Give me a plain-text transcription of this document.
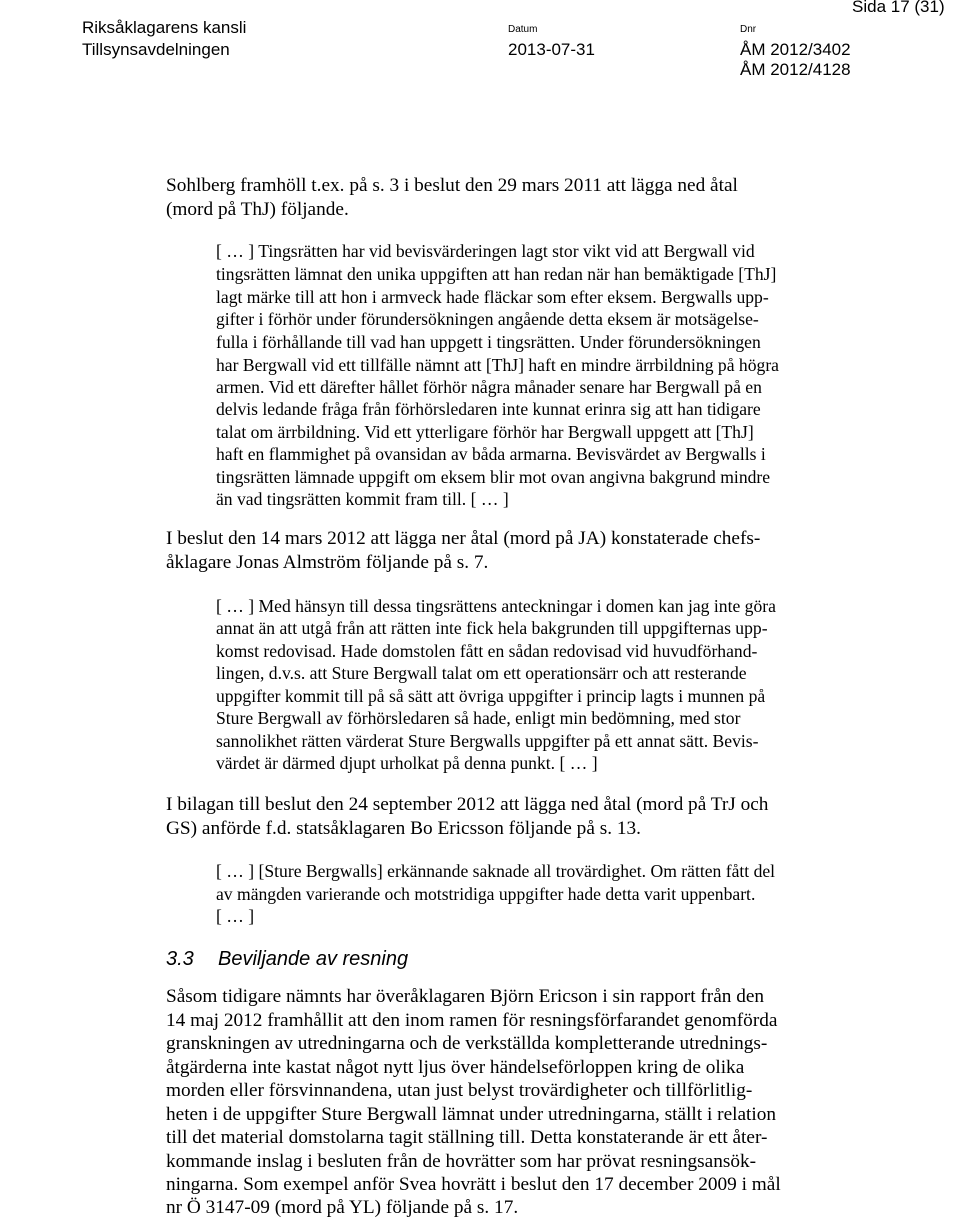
Sida 17 (31)
Riksåklagarens kansli
Tillsynsavdelningen
Datum
2013-07-31
Dnr
ÅM 2012/3402
ÅM 2012/4128
Sohlberg framhöll t.ex. på s. 3 i beslut den 29 mars 2011 att lägga ned åtal
(mord på ThJ) följande.
[ … ] Tingsrätten har vid bevisvärderingen lagt stor vikt vid att Bergwall vid
tingsrätten lämnat den unika uppgiften att han redan när han bemäktigade [ThJ]
lagt märke till att hon i armveck hade fläckar som efter eksem. Bergwalls upp-
gifter i förhör under förundersökningen angående detta eksem är motsägelse-
fulla i förhållande till vad han uppgett i tingsrätten. Under förundersökningen
har Bergwall vid ett tillfälle nämnt att [ThJ] haft en mindre ärrbildning på högra
armen. Vid ett därefter hållet förhör några månader senare har Bergwall på en
delvis ledande fråga från förhörsledaren inte kunnat erinra sig att han tidigare
talat om ärrbildning. Vid ett ytterligare förhör har Bergwall uppgett att [ThJ]
haft en flammighet på ovansidan av båda armarna. Bevisvärdet av Bergwalls i
tingsrätten lämnade uppgift om eksem blir mot ovan angivna bakgrund mindre
än vad tingsrätten kommit fram till. [ … ]
I beslut den 14 mars 2012 att lägga ner åtal (mord på JA) konstaterade chefs-
åklagare Jonas Almström följande på s. 7.
[ … ] Med hänsyn till dessa tingsrättens anteckningar i domen kan jag inte göra
annat än att utgå från att rätten inte fick hela bakgrunden till uppgifternas upp-
komst redovisad. Hade domstolen fått en sådan redovisad vid huvudförhand-
lingen, d.v.s. att Sture Bergwall talat om ett operationsärr och att resterande
uppgifter kommit till på så sätt att övriga uppgifter i princip lagts i munnen på
Sture Bergwall av förhörsledaren så hade, enligt min bedömning, med stor
sannolikhet rätten värderat Sture Bergwalls uppgifter på ett annat sätt. Bevis-
värdet är därmed djupt urholkat på denna punkt. [ … ]
I bilagan till beslut den 24 september 2012 att lägga ned åtal (mord på TrJ och
GS) anförde f.d. statsåklagaren Bo Ericsson följande på s. 13.
[ … ] [Sture Bergwalls] erkännande saknade all trovärdighet. Om rätten fått del
av mängden varierande och motstridiga uppgifter hade detta varit uppenbart.
[ … ]
3.3 Beviljande av resning
Såsom tidigare nämnts har överåklagaren Björn Ericson i sin rapport från den
14 maj 2012 framhållit att den inom ramen för resningsförfarandet genomförda
granskningen av utredningarna och de verkställda kompletterande utrednings-
åtgärderna inte kastat något nytt ljus över händelseförloppen kring de olika
morden eller försvinnandena, utan just belyst trovärdigheter och tillförlitlig-
heten i de uppgifter Sture Bergwall lämnat under utredningarna, ställt i relation
till det material domstolarna tagit ställning till. Detta konstaterande är ett åter-
kommande inslag i besluten från de hovrätter som har prövat resningsansök-
ningarna. Som exempel anför Svea hovrätt i beslut den 17 december 2009 i mål
nr Ö 3147-09 (mord på YL) följande på s. 17.
